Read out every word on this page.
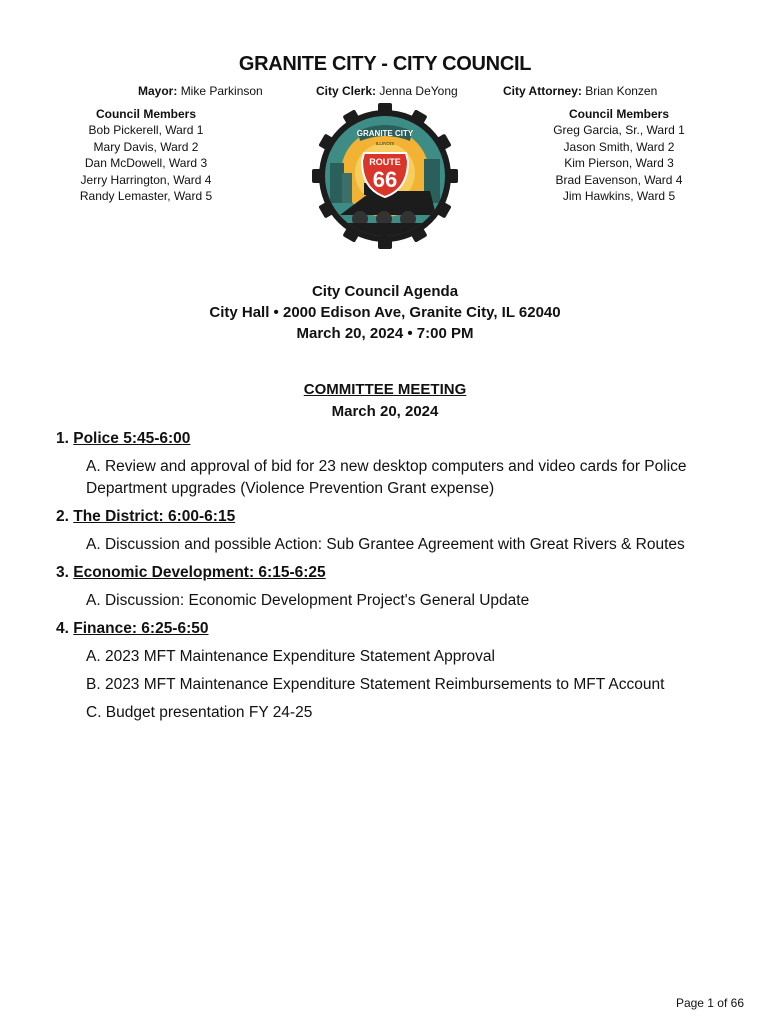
GRANITE CITY - CITY COUNCIL
Mayor: Mike Parkinson	City Clerk: Jenna DeYong	City Attorney: Brian Konzen
Council Members
Bob Pickerell, Ward 1
Mary Davis, Ward 2
Dan McDowell, Ward 3
Jerry Harrington, Ward 4
Randy Lemaster, Ward 5
Council Members
Greg Garcia, Sr., Ward 1
Jason Smith, Ward 2
Kim Pierson, Ward 3
Brad Eavenson, Ward 4
Jim Hawkins, Ward 5
GRANITE CITY
ILLINOIS
ROUTE
66
City Council Agenda
City Hall • 2000 Edison Ave, Granite City, IL 62040
March 20, 2024 • 7:00 PM
COMMITTEE MEETING
March 20, 2024
1. Police 5:45-6:00
A. Review and approval of bid for 23 new desktop computers and video cards for Police
Department upgrades (Violence Prevention Grant expense)
2. The District: 6:00-6:15
A. Discussion and possible Action: Sub Grantee Agreement with Great Rivers & Routes
3. Economic Development: 6:15-6:25
A. Discussion: Economic Development Project's General Update
4. Finance: 6:25-6:50
A. 2023 MFT Maintenance Expenditure Statement Approval
B. 2023 MFT Maintenance Expenditure Statement Reimbursements to MFT Account
C. Budget presentation FY 24-25
Page 1 of 66
